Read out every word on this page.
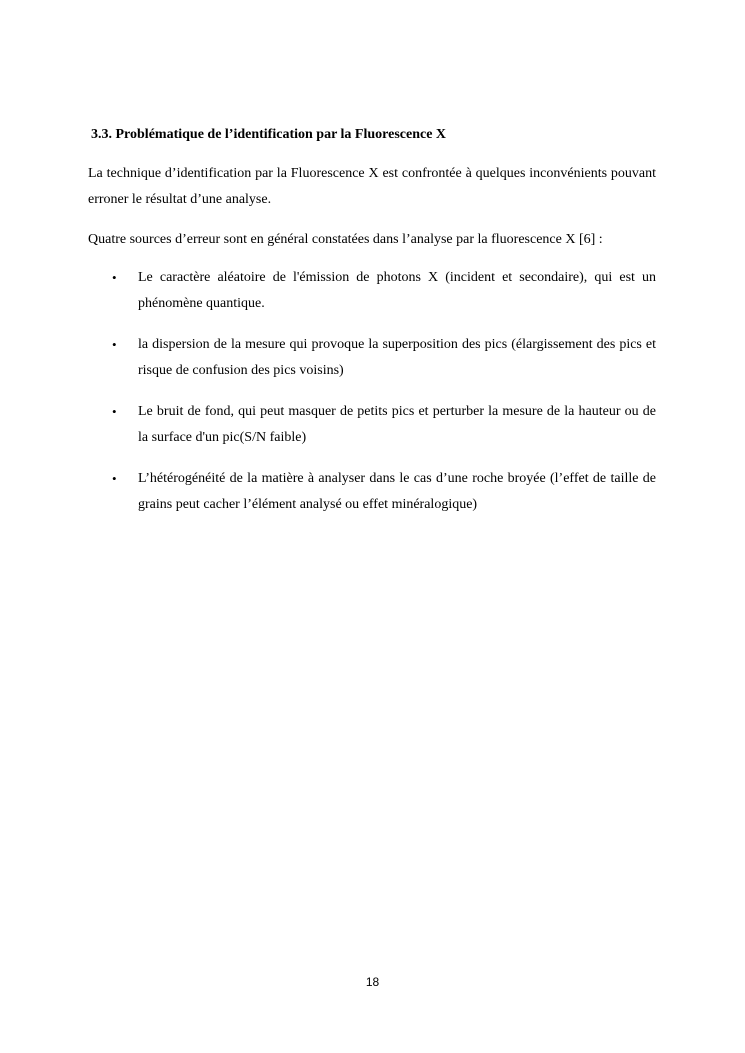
3.3. Problématique de l’identification par la Fluorescence X

La technique d’identification par la Fluorescence X est confrontée à quelques inconvénients pouvant erroner le résultat d’une analyse.

Quatre sources d’erreur sont en général constatées dans l’analyse par la fluorescence X [6] :

• Le caractère aléatoire de l'émission de photons X (incident et secondaire), qui est un phénomène quantique.
• la dispersion de la mesure qui provoque la superposition des pics (élargissement des pics et risque de confusion des pics voisins)
• Le bruit de fond, qui peut masquer de petits pics et perturber la mesure de la hauteur ou de la surface d'un pic(S/N faible)
• L’hétérogénéité de la matière à analyser dans le cas d’une roche broyée (l’effet de taille de grains peut cacher l’élément analysé ou effet minéralogique)
18
